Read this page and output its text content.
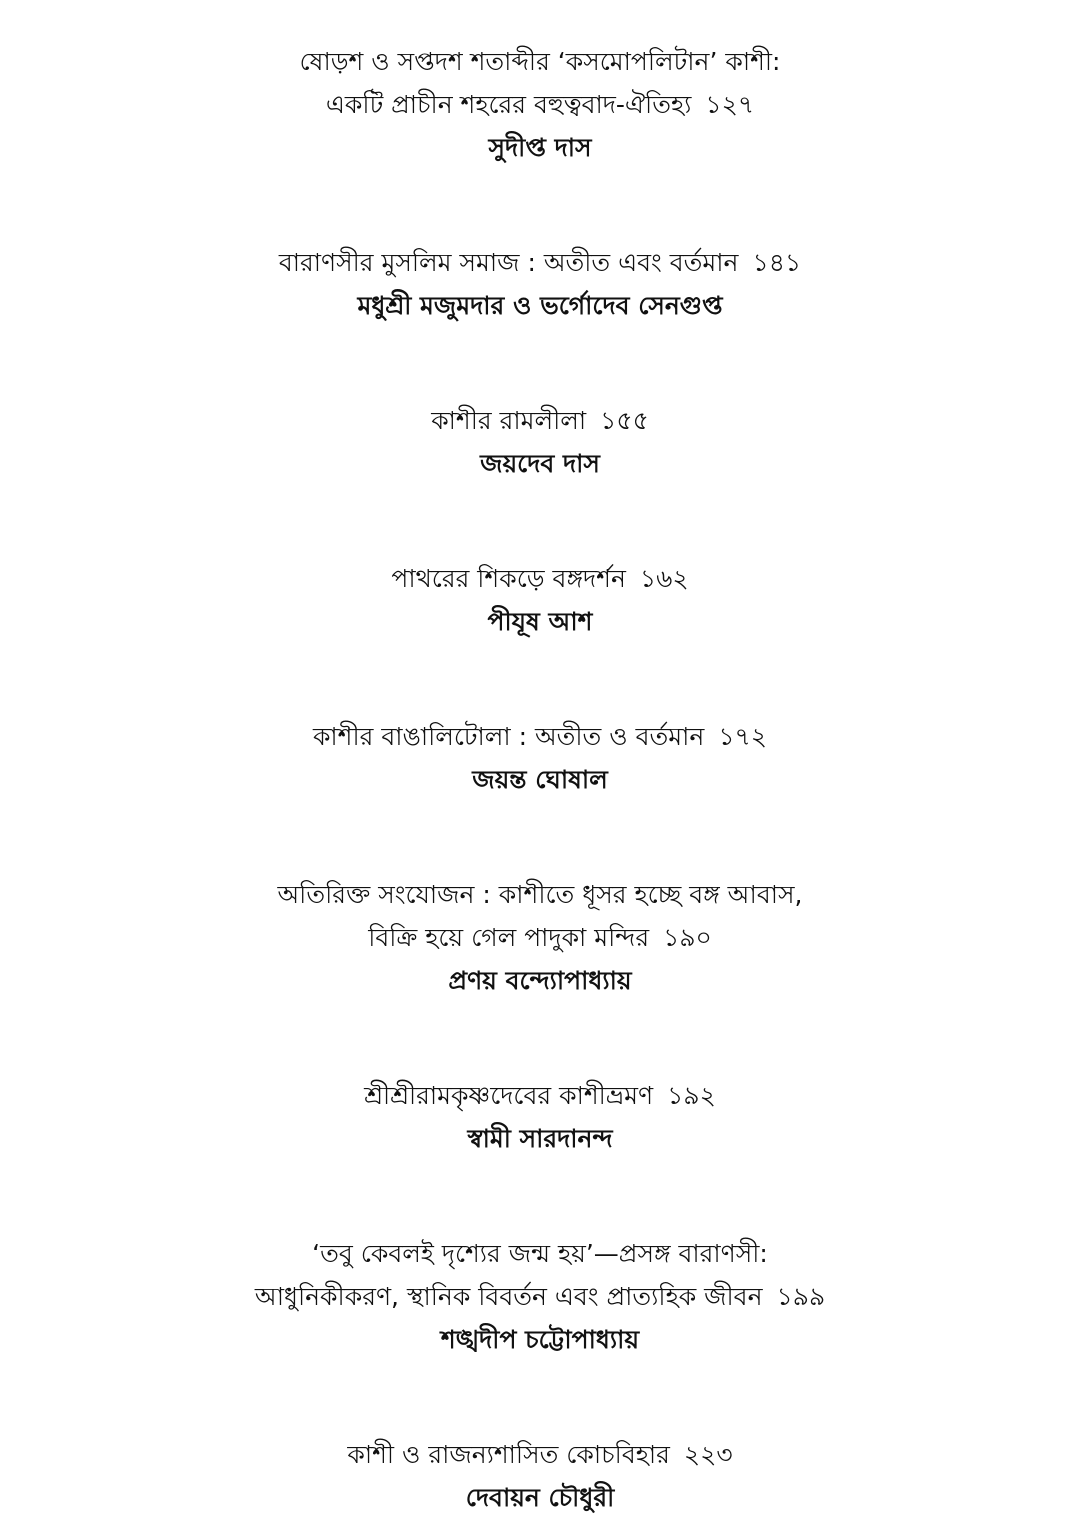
ষোড়শ ও সপ্তদশ শতাব্দীর ‘কসমোপলিটান’ কাশী:
একটি প্রাচীন শহরের বহুত্ববাদ-ঐতিহ্য ১২৭
সুদীপ্ত দাস
বারাণসীর মুসলিম সমাজ : অতীত এবং বর্তমান ১৪১
মধুশ্রী মজুমদার ও ভর্গোদেব সেনগুপ্ত
কাশীর রামলীলা ১৫৫
জয়দেব দাস
পাথরের শিকড়ে বঙ্গদর্শন ১৬২
পীযূষ আশ
কাশীর বাঙালিটোলা : অতীত ও বর্তমান ১৭২
জয়ন্ত ঘোষাল
অতিরিক্ত সংযোজন : কাশীতে ধূসর হচ্ছে বঙ্গ আবাস,
বিক্রি হয়ে গেল পাদুকা মন্দির ১৯০
প্রণয় বন্দ্যোপাধ্যায়
শ্রীশ্রীরামকৃষ্ণদেবের কাশীভ্রমণ ১৯২
স্বামী সারদানন্দ
‘তবু কেবলই দৃশ্যের জন্ম হয়’—প্রসঙ্গ বারাণসী:
আধুনিকীকরণ, স্থানিক বিবর্তন এবং প্রাত্যহিক জীবন ১৯৯
শঙ্খদীপ চট্টোপাধ্যায়
কাশী ও রাজন্যশাসিত কোচবিহার ২২৩
দেবায়ন চৌধুরী
